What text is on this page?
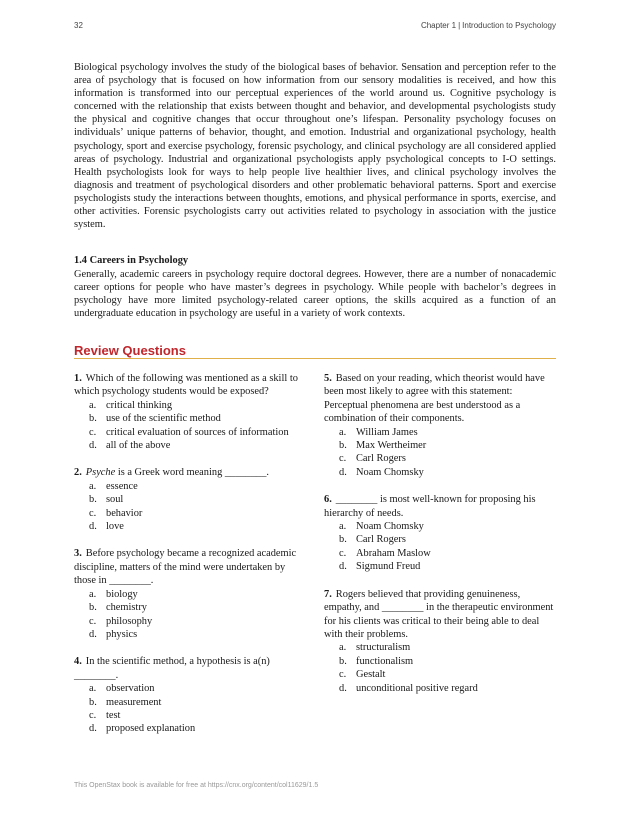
32	Chapter 1 | Introduction to Psychology

Biological psychology involves the study of the biological bases of behavior. Sensation and perception refer to the area of psychology that is focused on how information from our sensory modalities is received, and how this information is transformed into our perceptual experiences of the world around us. Cognitive psychology is concerned with the relationship that exists between thought and behavior, and developmental psychologists study the physical and cognitive changes that occur throughout one’s lifespan. Personality psychology focuses on individuals’ unique patterns of behavior, thought, and emotion. Industrial and organizational psychology, health psychology, sport and exercise psychology, forensic psychology, and clinical psychology are all considered applied areas of psychology. Industrial and organizational psychologists apply psychological concepts to I-O settings. Health psychologists look for ways to help people live healthier lives, and clinical psychology involves the diagnosis and treatment of psychological disorders and other problematic behavioral patterns. Sport and exercise psychologists study the interactions between thoughts, emotions, and physical performance in sports, exercise, and other activities. Forensic psychologists carry out activities related to psychology in association with the justice system.

1.4 Careers in Psychology

Generally, academic careers in psychology require doctoral degrees. However, there are a number of nonacademic career options for people who have master’s degrees in psychology. While people with bachelor’s degrees in psychology have more limited psychology-related career options, the skills acquired as a function of an undergraduate education in psychology are useful in a variety of work contexts.

Review Questions

1. Which of the following was mentioned as a skill to which psychology students would be exposed?

a. critical thinking
b. use of the scientific method
c. critical evaluation of sources of information
d. all of the above

2. Psyche is a Greek word meaning ________.

a. essence
b. soul
c. behavior
d. love

3. Before psychology became a recognized academic discipline, matters of the mind were undertaken by those in ________.

a. biology
b. chemistry
c. philosophy
d. physics

4. In the scientific method, a hypothesis is a(n) ________.

a. observation
b. measurement
c. test
d. proposed explanation

5. Based on your reading, which theorist would have been most likely to agree with this statement: Perceptual phenomena are best understood as a combination of their components.

a. William James
b. Max Wertheimer
c. Carl Rogers
d. Noam Chomsky

6. ________ is most well-known for proposing his hierarchy of needs.

a. Noam Chomsky
b. Carl Rogers
c. Abraham Maslow
d. Sigmund Freud

7. Rogers believed that providing genuineness, empathy, and ________ in the therapeutic environment for his clients was critical to their being able to deal with their problems.

a. structuralism
b. functionalism
c. Gestalt
d. unconditional positive regard
This OpenStax book is available for free at https://cnx.org/content/col11629/1.5
